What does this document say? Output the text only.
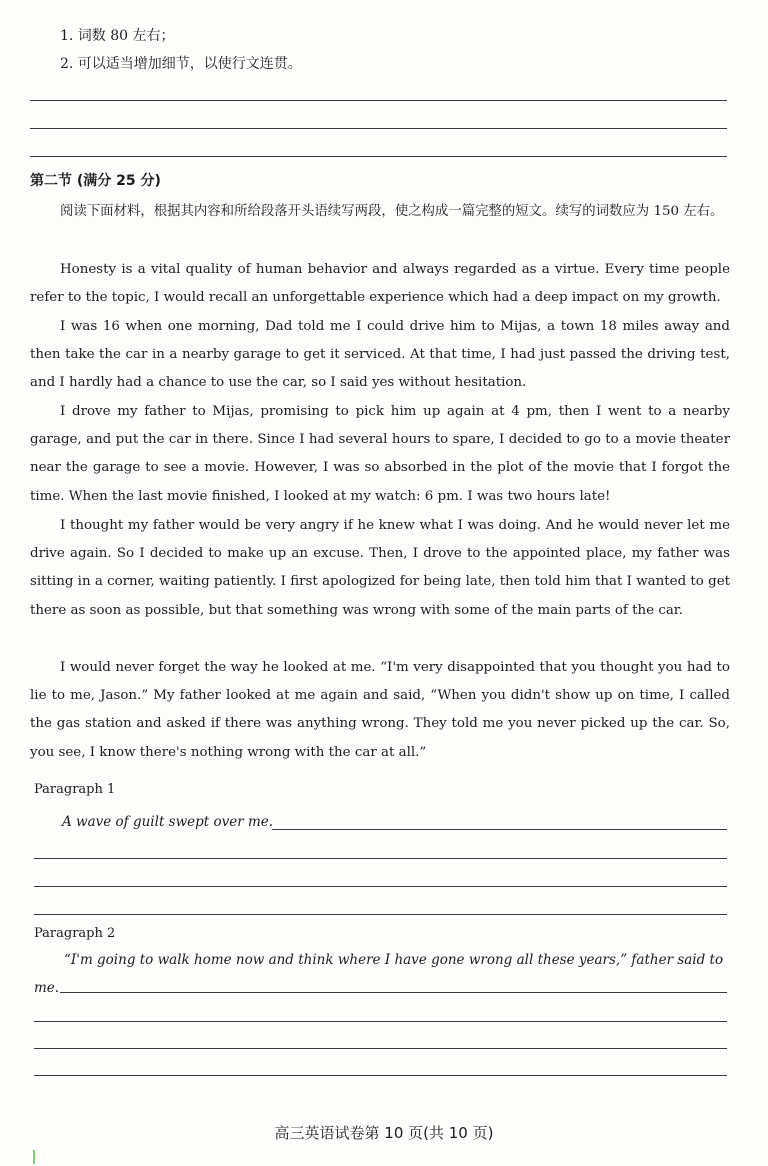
1. 词数 80 左右；
2. 可以适当增加细节，以使行文连贯。
第二节 (满分 25 分)

阅读下面材料，根据其内容和所给段落开头语续写两段，使之构成一篇完整的短文。续写的词数应为 150 左右。

Honesty is a vital quality of human behavior and always regarded as a virtue. Every time people refer to the topic, I would recall an unforgettable experience which had a deep impact on my growth.

I was 16 when one morning, Dad told me I could drive him to Mijas, a town 18 miles away and then take the car in a nearby garage to get it serviced. At that time, I had just passed the driving test, and I hardly had a chance to use the car, so I said yes without hesitation.

I drove my father to Mijas, promising to pick him up again at 4 pm, then I went to a nearby garage, and put the car in there. Since I had several hours to spare, I decided to go to a movie theater near the garage to see a movie. However, I was so absorbed in the plot of the movie that I forgot the time. When the last movie finished, I looked at my watch: 6 pm. I was two hours late!

I thought my father would be very angry if he knew what I was doing. And he would never let me drive again. So I decided to make up an excuse. Then, I drove to the appointed place, my father was sitting in a corner, waiting patiently. I first apologized for being late, then told him that I wanted to get there as soon as possible, but that something was wrong with some of the main parts of the car.

I would never forget the way he looked at me. “I'm very disappointed that you thought you had to lie to me, Jason.” My father looked at me again and said, “When you didn't show up on time, I called the gas station and asked if there was anything wrong. They told me you never picked up the car. So, you see, I know there's nothing wrong with the car at all.”

Paragraph 1
A wave of guilt swept over me.
Paragraph 2
“I'm going to walk home now and think where I have gone wrong all these years,” father said to me.
高三英语试卷第 10 页(共 10 页)
